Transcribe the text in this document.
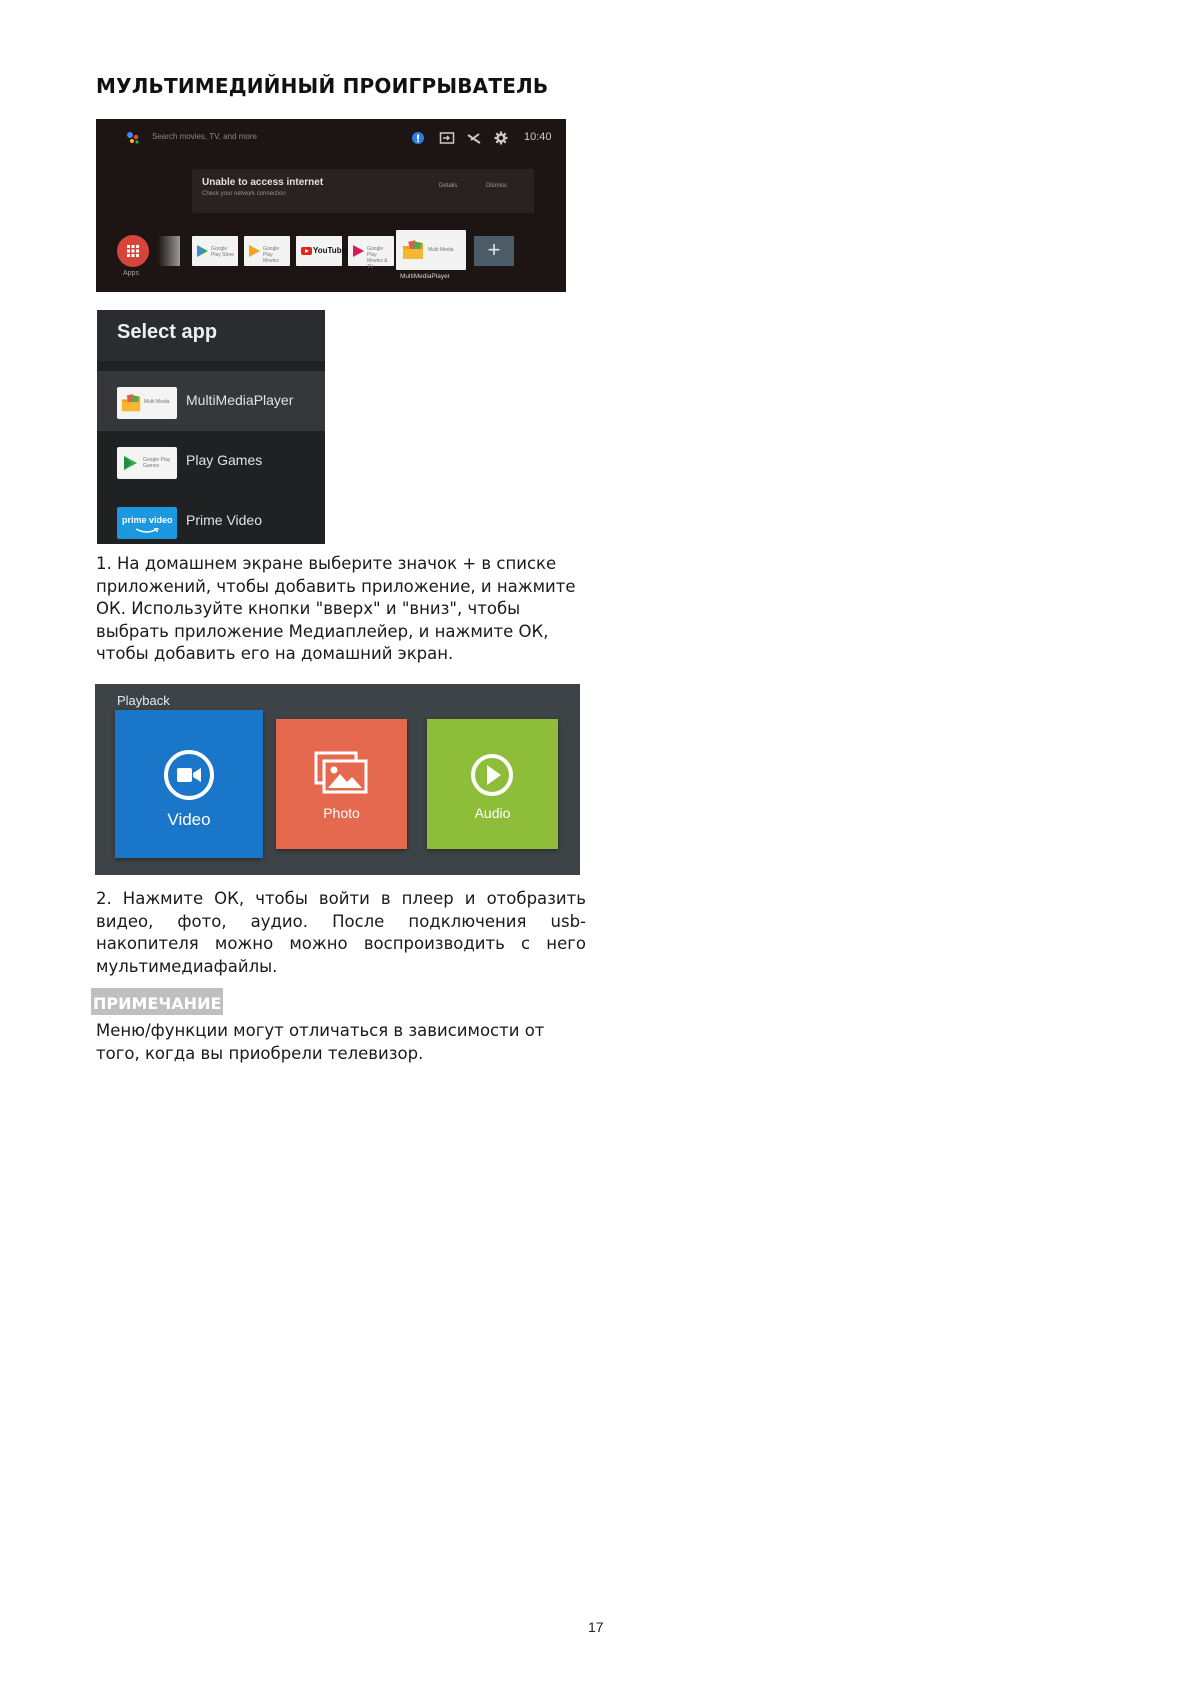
МУЛЬТИМЕДИЙНЫЙ ПРОИГРЫВАТЕЛЬ
Search movies, TV, and more	10:40
Unable to access internet
Check your network connection
Details	Dismiss
Apps
Google Play Store
Google Play Movies
YouTube	Google Play Movies & TV
Multi Media	+
MultiMediaPlayer
Select app
Multi Media MultiMediaPlayer
Google Play Games	Play Games
prime video Prime Video
1. На домашнем экране выберите значок + в списке приложений, чтобы добавить приложение, и нажмите ОК. Используйте кнопки "вверх" и "вниз", чтобы выбрать приложение Медиаплейер, и нажмите ОК, чтобы добавить его на домашний экран.
Playback
Video	Photo	Audio
2. Нажмите ОК, чтобы войти в плеер и отобразить видео, фото, аудио. После подключения usb-накопителя можно можно воспроизводить с него мультимедиафайлы.
ПРИМЕЧАНИЕ
Меню/функции могут отличаться в зависимости от того, когда вы приобрели телевизор.
17
